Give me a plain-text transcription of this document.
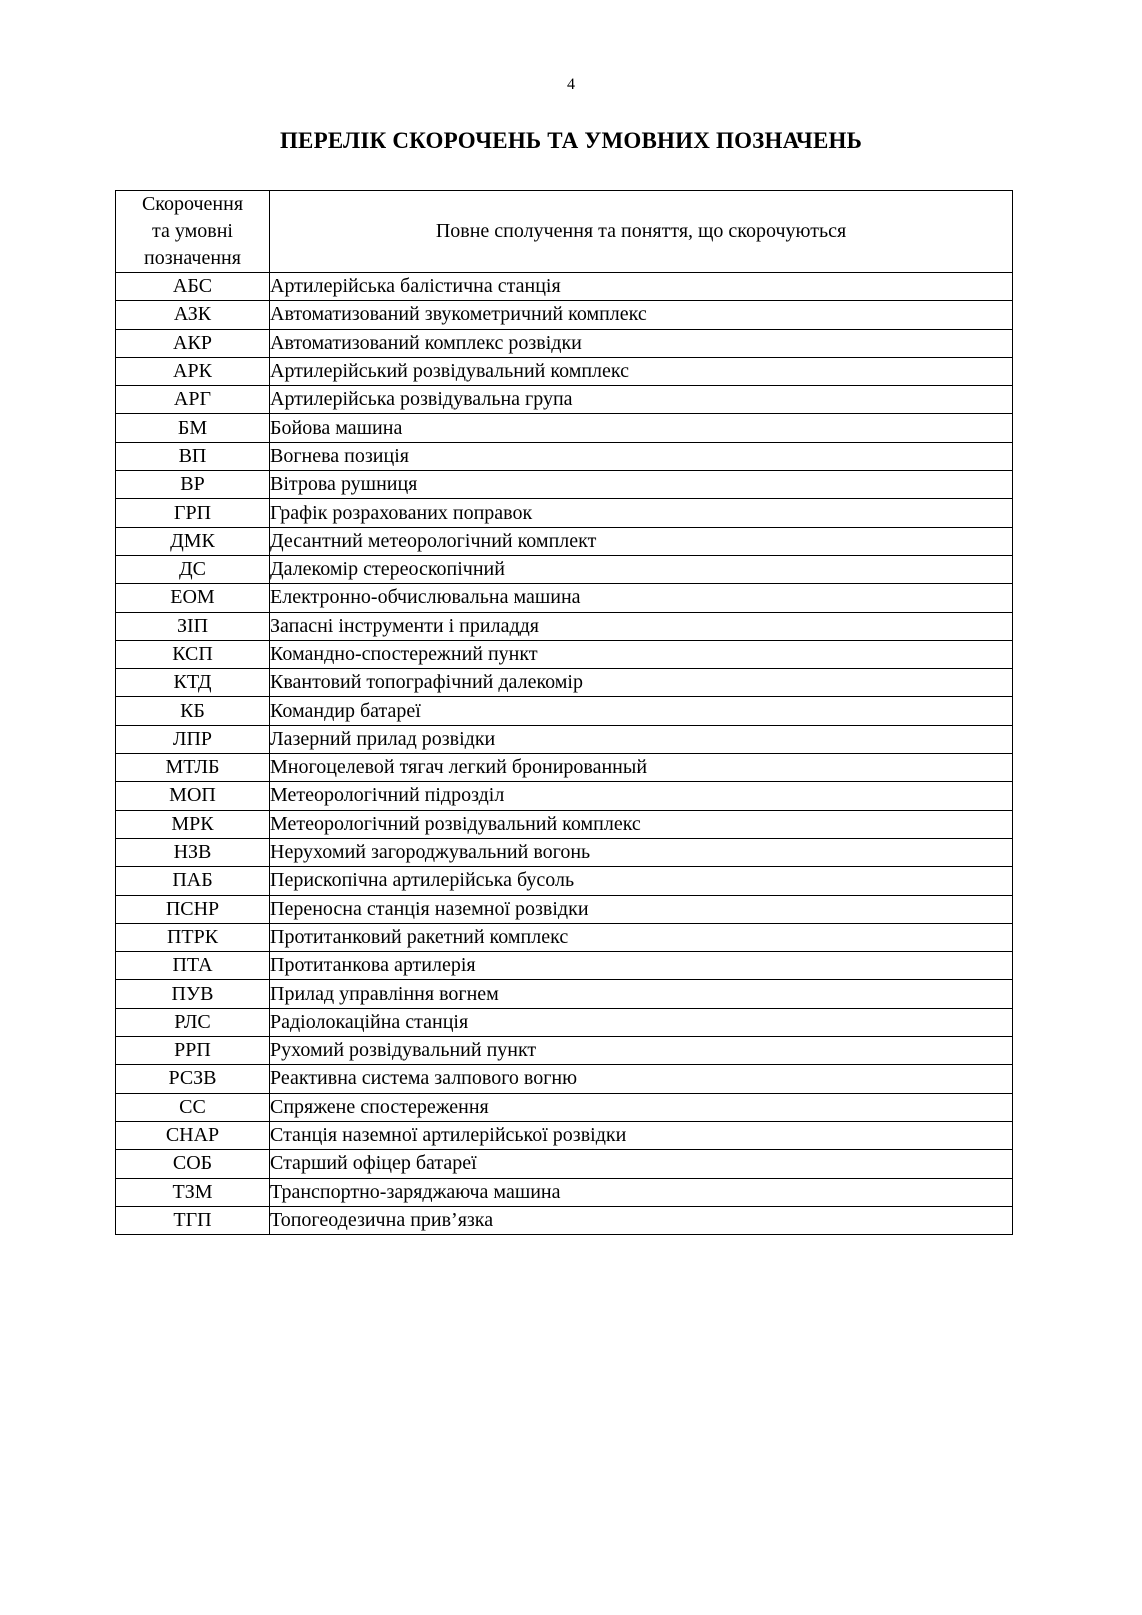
4
ПЕРЕЛІК СКОРОЧЕНЬ ТА УМОВНИХ ПОЗНАЧЕНЬ
Скорочення
та умовні
позначення	Повне сполучення та поняття, що скорочуються
АБС	Артилерійська балістична станція
АЗК	Автоматизований звукометричний комплекс
АКР	Автоматизований комплекс розвідки
АРК	Артилерійський розвідувальний комплекс
АРГ	Артилерійська розвідувальна група
БМ	Бойова машина
ВП	Вогнева позиція
ВР	Вітрова рушниця
ГРП	Графік розрахованих поправок
ДМК	Десантний метеорологічний комплект
ДС	Далекомір стереоскопічний
ЕОМ	Електронно-обчислювальна машина
ЗІП	Запасні інструменти і приладдя
КСП	Командно-спостережний пункт
КТД	Квантовий топографічний далекомір
КБ	Командир батареї
ЛПР	Лазерний прилад розвідки
МТЛБ	Многоцелевой тягач легкий бронированный
МОП	Метеорологічний підрозділ
МРК	Метеорологічний розвідувальний комплекс
НЗВ	Нерухомий загороджувальний вогонь
ПАБ	Перископічна артилерійська бусоль
ПСНР	Переносна станція наземної розвідки
ПТРК	Протитанковий ракетний комплекс
ПТА	Протитанкова артилерія
ПУВ	Прилад управління вогнем
РЛС	Радіолокаційна станція
РРП	Рухомий розвідувальний пункт
РСЗВ	Реактивна система залпового вогню
СС	Спряжене спостереження
СНАР	Станція наземної артилерійської розвідки
СОБ	Старший офіцер батареї
ТЗМ	Транспортно-заряджаюча машина
ТГП	Топогеодезична прив’язка
